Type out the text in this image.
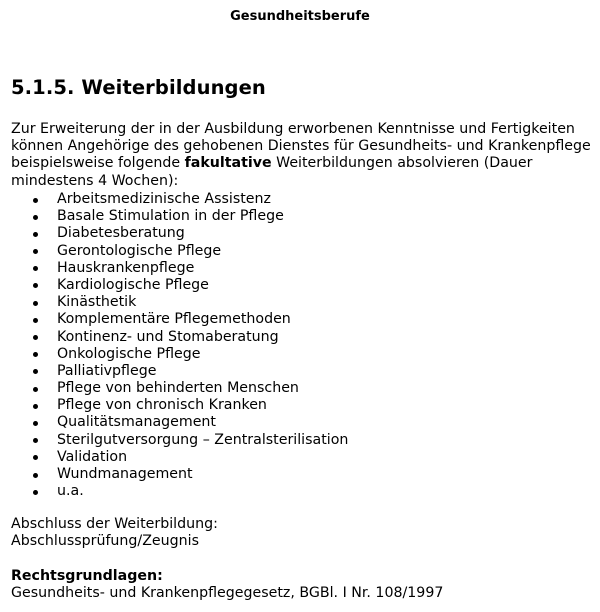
Gesundheitsberufe
5.1.5. Weiterbildungen

Zur Erweiterung der in der Ausbildung erworbenen Kenntnisse und Fertigkeiten können Angehörige des gehobenen Dienstes für Gesundheits- und Krankenpflege beispielsweise folgende fakultative Weiterbildungen absolvieren (Dauer mindestens 4 Wochen):

Arbeitsmedizinische Assistenz
Basale Stimulation in der Pflege
Diabetesberatung
Gerontologische Pflege
Hauskrankenpflege
Kardiologische Pflege
Kinästhetik
Komplementäre Pflegemethoden
Kontinenz- und Stomaberatung
Onkologische Pflege
Palliativpflege
Pflege von behinderten Menschen
Pflege von chronisch Kranken
Qualitätsmanagement
Sterilgutversorgung – Zentralsterilisation
Validation
Wundmanagement
u.a.

Abschluss der Weiterbildung:

Abschlussprüfung/Zeugnis

Rechtsgrundlagen:

Gesundheits- und Krankenpflegegesetz, BGBl. I Nr. 108/1997
